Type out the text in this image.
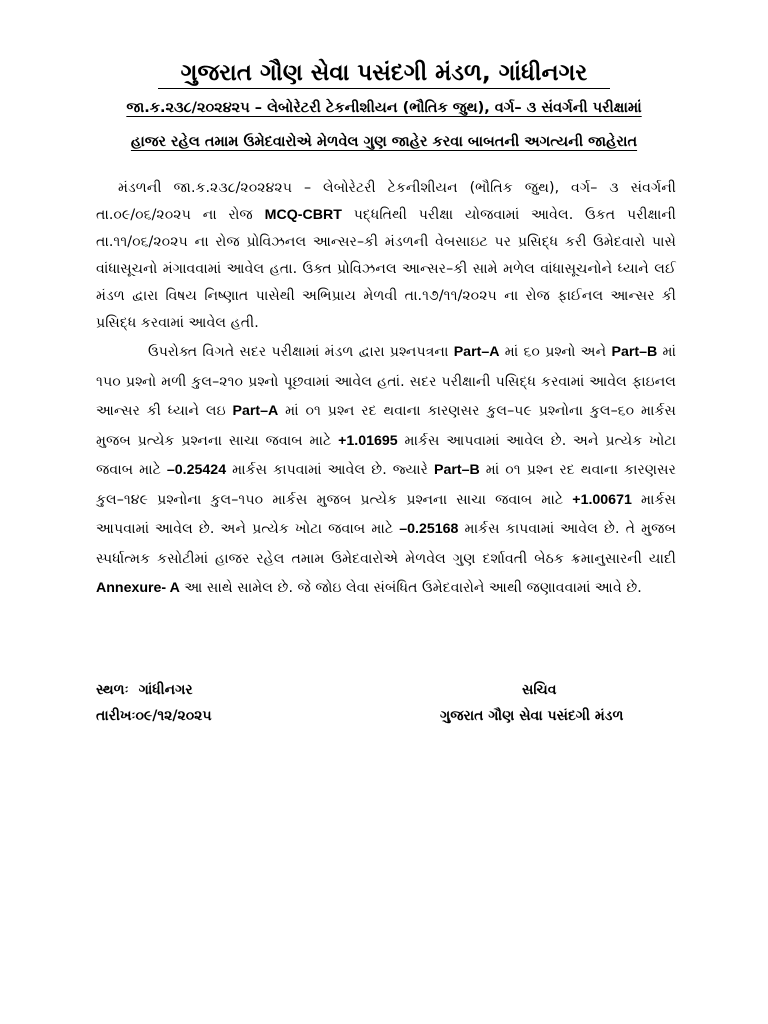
ગુજરાત ગૌણ સેવા પસંદગી મંડળ, ગાંધીનગર
જા.ક.૨૩૮/૨૦૨૪૨૫ – લેબોરેટરી ટેકનીશીયન (ભૌતિક જુથ), વર્ગ– ૩ સંવર્ગની પરીક્ષામાં
હાજર રહેલ તમામ ઉમેદવારોએ મેળવેલ ગુણ જાહેર કરવા બાબતની અગત્યની જાહેરાત
મંડળની જા.ક.૨૩૮/૨૦૨૪૨૫ – લેબોરેટરી ટેકનીશીયન (ભૌતિક જુથ), વર્ગ– ૩ સંવર્ગની તા.૦૯/૦૬/૨૦૨૫ ના રોજ MCQ-CBRT પદ્ધતિથી પરીક્ષા યોજવામાં આવેલ. ઉકત પરીક્ષાની તા.૧૧/૦૬/૨૦૨૫ ના રોજ પ્રોવિઝનલ આન્સર–કી મંડળની વેબસાઇટ પર પ્રસિદ્ધ કરી ઉમેદવારો પાસે વાંધાસૂચનો મંગાવવામાં આવેલ હતા. ઉક્ત પ્રોવિઝનલ આન્સર–કી સામે મળેલ વાંધાસૂચનોને ધ્યાને લઈ મંડળ દ્વારા વિષય નિષ્ણાત પાસેથી અભિપ્રાય મેળવી તા.૧૭/૧૧/૨૦૨૫ ના રોજ ફાઈનલ આન્સર કી પ્રસિદ્ધ કરવામાં આવેલ હતી.
ઉપરોક્ત વિગતે સદર પરીક્ષામાં મંડળ દ્વારા પ્રશ્નપત્રના Part–A માં ૬૦ પ્રશ્નો અને Part–B માં ૧૫૦ પ્રશ્નો મળી કુલ–૨૧૦ પ્રશ્નો પૂછવામાં આવેલ હતાં. સદર પરીક્ષાની પસિદ્ધ કરવામાં આવેલ ફાઇનલ આન્સર કી ધ્યાને લઇ Part–A માં ૦૧ પ્રશ્ન રદ થવાના કારણસર કુલ–૫૯ પ્રશ્નોના કુલ–૬૦ માર્કસ મુજબ પ્રત્યેક પ્રશ્નના સાચા જવાબ માટે +1.01695 માર્કસ આપવામાં આવેલ છે. અને પ્રત્યેક ખોટા જવાબ માટે –0.25424 માર્કસ કાપવામાં આવેલ છે. જ્યારે Part–B માં ૦૧ પ્રશ્ન રદ થવાના કારણસર કુલ–૧૪૯ પ્રશ્નોના કુલ–૧૫૦ માર્કસ મુજબ પ્રત્યેક પ્રશ્નના સાચા જવાબ માટે +1.00671 માર્કસ આપવામાં આવેલ છે. અને પ્રત્યેક ખોટા જવાબ માટે –0.25168 માર્કસ કાપવામાં આવેલ છે. તે મુજબ સ્પર્ધાત્મક કસોટીમાં હાજર રહેલ તમામ ઉમેદવારોએ મેળવેલ ગુણ દર્શાવતી બેઠક ક્રમાનુસારની યાદી Annexure- A આ સાથે સામેલ છે. જે જોઇ લેવા સંબંધિત ઉમેદવારોને આથી જણાવવામાં આવે છે.
સ્થળઃ ગાંધીનગર
તારીખઃ૦૯/૧૨/૨૦૨૫
સચિવ
ગુજરાત ગૌણ સેવા પસંદગી મંડળ
